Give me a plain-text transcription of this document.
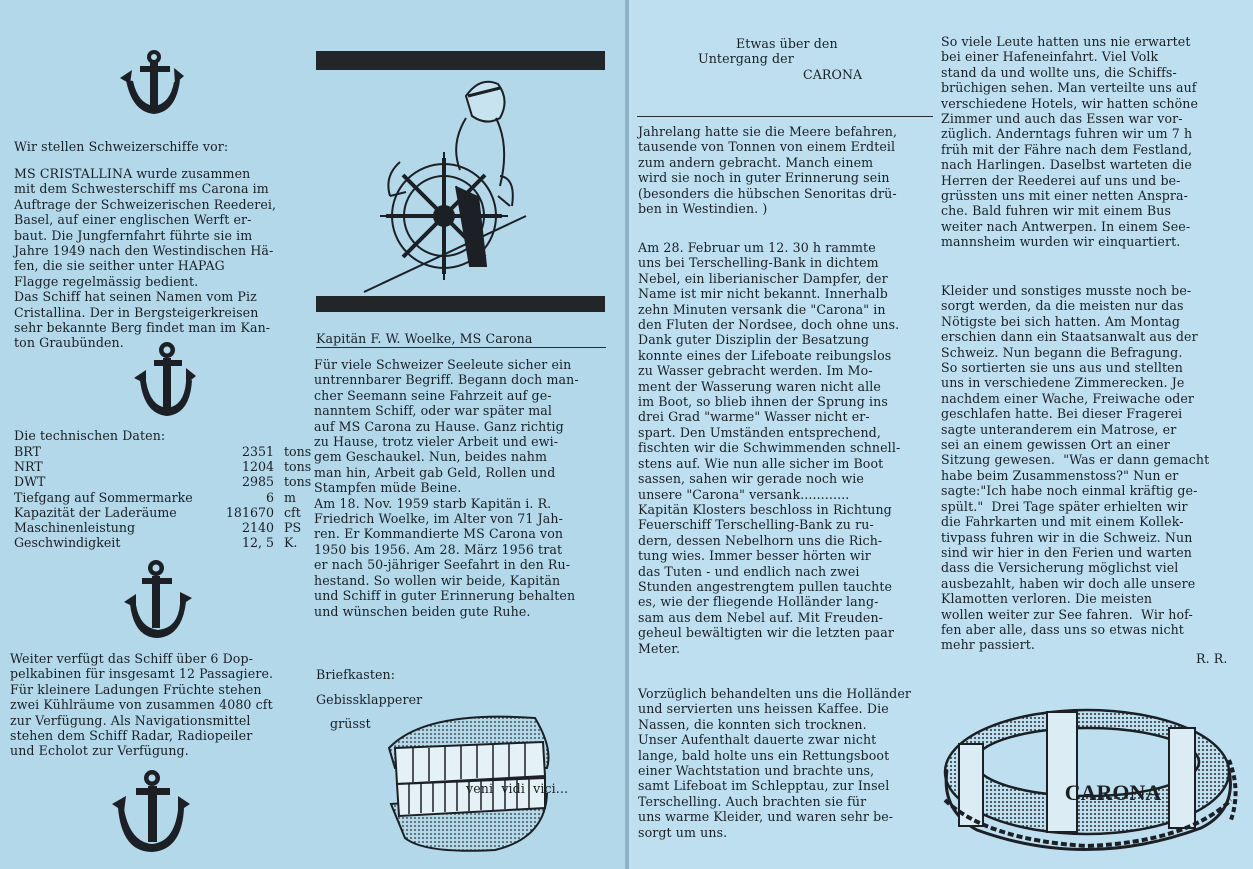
Wir stellen Schweizerschiffe vor:
MS CRISTALLINA wurde zusammen
mit dem Schwesterschiff ms Carona im
Auftrage der Schweizerischen Reederei,
Basel, auf einer englischen Werft er-
baut. Die Jungfernfahrt führte sie im
Jahre 1949 nach den Westindischen Hä-
fen, die sie seither unter HAPAG
Flagge regelmässig bedient.
Das Schiff hat seinen Namen vom Piz
Cristallina. Der in Bergsteigerkreisen
sehr bekannte Berg findet man im Kan-
ton Graubünden.
Die technischen Daten:
BRT	2351 tons
NRT	1204 tons
DWT	2985 tons
Tiefgang auf Sommermarke	6 m
Kapazität der Laderäume	181670 cft
Maschinenleistung	2140 PS
Geschwindigkeit	12, 5 K.
Weiter verfügt das Schiff über 6 Dop-
pelkabinen für insgesamt 12 Passagiere.
Für kleinere Ladungen Früchte stehen
zwei Kühlräume von zusammen 4080 cft
zur Verfügung. Als Navigationsmittel
stehen dem Schiff Radar, Radiopeiler
und Echolot zur Verfügung.
Kapitän F. W. Woelke, MS Carona
Für viele Schweizer Seeleute sicher ein
untrennbarer Begriff. Begann doch man-
cher Seemann seine Fahrzeit auf ge-
nanntem Schiff, oder war später mal
auf MS Carona zu Hause. Ganz richtig
zu Hause, trotz vieler Arbeit und ewi-
gem Geschaukel. Nun, beides nahm
man hin, Arbeit gab Geld, Rollen und
Stampfen müde Beine.
Am 18. Nov. 1959 starb Kapitän i. R.
Friedrich Woelke, im Alter von 71 Jah-
ren. Er Kommandierte MS Carona von
1950 bis 1956. Am 28. März 1956 trat
er nach 50-jähriger Seefahrt in den Ru-
hestand. So wollen wir beide, Kapitän
und Schiff in guter Erinnerung behalten
und wünschen beiden gute Ruhe.
Briefkasten:
Gebissklapperer
grüsst
veni  vidi  vici...
Etwas über den
Untergang der
CARONA
Jahrelang hatte sie die Meere befahren,
tausende von Tonnen von einem Erdteil
zum andern gebracht. Manch einem
wird sie noch in guter Erinnerung sein
(besonders die hübschen Senoritas drü-
ben in Westindien. )
Am 28. Februar um 12. 30 h rammte
uns bei Terschelling-Bank in dichtem
Nebel, ein liberianischer Dampfer, der
Name ist mir nicht bekannt. Innerhalb
zehn Minuten versank die "Carona" in
den Fluten der Nordsee, doch ohne uns.
Dank guter Disziplin der Besatzung
konnte eines der Lifeboate reibungslos
zu Wasser gebracht werden. Im Mo-
ment der Wasserung waren nicht alle
im Boot, so blieb ihnen der Sprung ins
drei Grad "warme" Wasser nicht er-
spart. Den Umständen entsprechend,
fischten wir die Schwimmenden schnell-
stens auf. Wie nun alle sicher im Boot
sassen, sahen wir gerade noch wie
unsere "Carona" versank............
Kapitän Klosters beschloss in Richtung
Feuerschiff Terschelling-Bank zu ru-
dern, dessen Nebelhorn uns die Rich-
tung wies. Immer besser hörten wir
das Tuten - und endlich nach zwei
Stunden angestrengtem pullen tauchte
es, wie der fliegende Holländer lang-
sam aus dem Nebel auf. Mit Freuden-
geheul bewältigten wir die letzten paar
Meter.
Vorzüglich behandelten uns die Holländer
und servierten uns heissen Kaffee. Die
Nassen, die konnten sich trocknen.
Unser Aufenthalt dauerte zwar nicht
lange, bald holte uns ein Rettungsboot
einer Wachtstation und brachte uns,
samt Lifeboat im Schlepptau, zur Insel
Terschelling. Auch brachten sie für
uns warme Kleider, und waren sehr be-
sorgt um uns.
So viele Leute hatten uns nie erwartet
bei einer Hafeneinfahrt. Viel Volk
stand da und wollte uns, die Schiffs-
brüchigen sehen. Man verteilte uns auf
verschiedene Hotels, wir hatten schöne
Zimmer und auch das Essen war vor-
züglich. Anderntags fuhren wir um 7 h
früh mit der Fähre nach dem Festland,
nach Harlingen. Daselbst warteten die
Herren der Reederei auf uns und be-
grüssten uns mit einer netten Anspra-
che. Bald fuhren wir mit einem Bus
weiter nach Antwerpen. In einem See-
mannsheim wurden wir einquartiert.
Kleider und sonstiges musste noch be-
sorgt werden, da die meisten nur das
Nötigste bei sich hatten. Am Montag
erschien dann ein Staatsanwalt aus der
Schweiz. Nun begann die Befragung.
So sortierten sie uns aus und stellten
uns in verschiedene Zimmerecken. Je
nachdem einer Wache, Freiwache oder
geschlafen hatte. Bei dieser Fragerei
sagte unteranderem ein Matrose, er
sei an einem gewissen Ort an einer
Sitzung gewesen.  "Was er dann gemacht
habe beim Zusammenstoss?" Nun er
sagte:"Ich habe noch einmal kräftig ge-
spült."  Drei Tage später erhielten wir
die Fahrkarten und mit einem Kollek-
tivpass fuhren wir in die Schweiz. Nun
sind wir hier in den Ferien und warten
dass die Versicherung möglichst viel
ausbezahlt, haben wir doch alle unsere
Klamotten verloren. Die meisten
wollen weiter zur See fahren.  Wir hof-
fen aber alle, dass uns so etwas nicht
mehr passiert.
R. R.
CARONA
